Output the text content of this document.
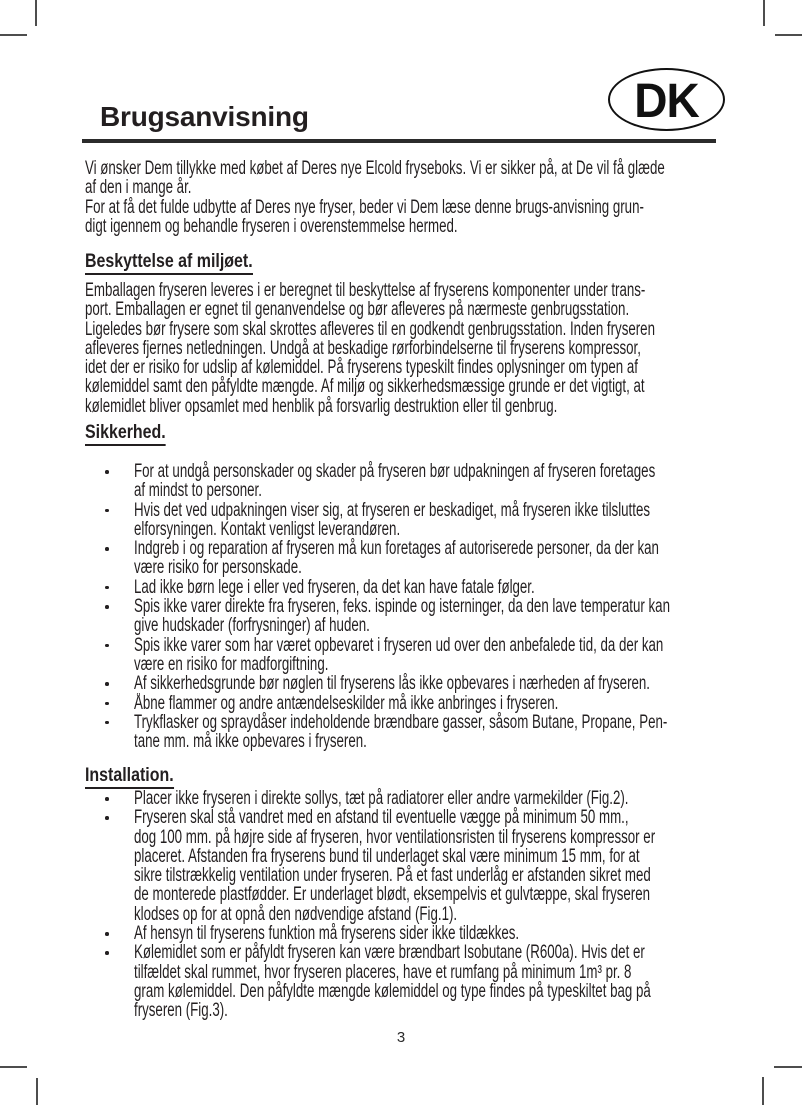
DK
Brugsanvisning
Vi ønsker Dem tillykke med købet af Deres nye Elcold fryseboks. Vi er sikker på, at De vil få glæde
af den i mange år.
For at få det fulde udbytte af Deres nye fryser, beder vi Dem læse denne brugs-anvisning grun-
digt igennem og behandle fryseren i overenstemmelse hermed.
Beskyttelse af miljøet.
Emballagen fryseren leveres i er beregnet til beskyttelse af fryserens komponenter under trans-
port. Emballagen er egnet til genanvendelse og bør afleveres på nærmeste genbrugsstation.
Ligeledes bør frysere som skal skrottes afleveres til en godkendt genbrugsstation. Inden fryseren
afleveres fjernes netledningen. Undgå at beskadige rørforbindelserne til fryserens kompressor,
idet der er risiko for udslip af kølemiddel. På fryserens typeskilt findes oplysninger om typen af
kølemiddel samt den påfyldte mængde. Af miljø og sikkerhedsmæssige grunde er det vigtigt, at
kølemidlet bliver opsamlet med henblik på forsvarlig destruktion eller til genbrug.
Sikkerhed.
For at undgå personskader og skader på fryseren bør udpakningen af fryseren foretages
af mindst to personer.
Hvis det ved udpakningen viser sig, at fryseren er beskadiget, må fryseren ikke tilsluttes
elforsyningen. Kontakt venligst leverandøren.
Indgreb i og reparation af fryseren må kun foretages af autoriserede personer, da der kan
være risiko for personskade.
Lad ikke børn lege i eller ved fryseren, da det kan have fatale følger.
Spis ikke varer direkte fra fryseren, feks. ispinde og isterninger, da den lave temperatur kan
give hudskader (forfrysninger) af huden.
Spis ikke varer som har været opbevaret i fryseren ud over den anbefalede tid, da der kan
være en risiko for madforgiftning.
Af sikkerhedsgrunde bør nøglen til fryserens lås ikke opbevares i nærheden af fryseren.
Åbne flammer og andre antændelseskilder må ikke anbringes i fryseren.
Trykflasker og spraydåser indeholdende brændbare gasser, såsom Butane, Propane, Pen-
tane mm. må ikke opbevares i fryseren.
Installation.
Placer ikke fryseren i direkte sollys, tæt på radiatorer eller andre varmekilder (Fig.2).
Fryseren skal stå vandret med en afstand til eventuelle vægge på minimum 50 mm.,
dog 100 mm. på højre side af fryseren, hvor ventilationsristen til fryserens kompressor er
placeret. Afstanden fra fryserens bund til underlaget skal være minimum 15 mm, for at
sikre tilstrækkelig ventilation under fryseren. På et fast underlåg er afstanden sikret med
de monterede plastfødder. Er underlaget blødt, eksempelvis et gulvtæppe, skal fryseren
klodses op for at opnå den nødvendige afstand (Fig.1).
Af hensyn til fryserens funktion må fryserens sider ikke tildækkes.
Kølemidlet som er påfyldt fryseren kan være brændbart Isobutane (R600a). Hvis det er
tilfældet skal rummet, hvor fryseren placeres, have et rumfang på minimum 1m³ pr. 8
gram kølemiddel. Den påfyldte mængde kølemiddel og type findes på typeskiltet bag på
fryseren (Fig.3).
3
